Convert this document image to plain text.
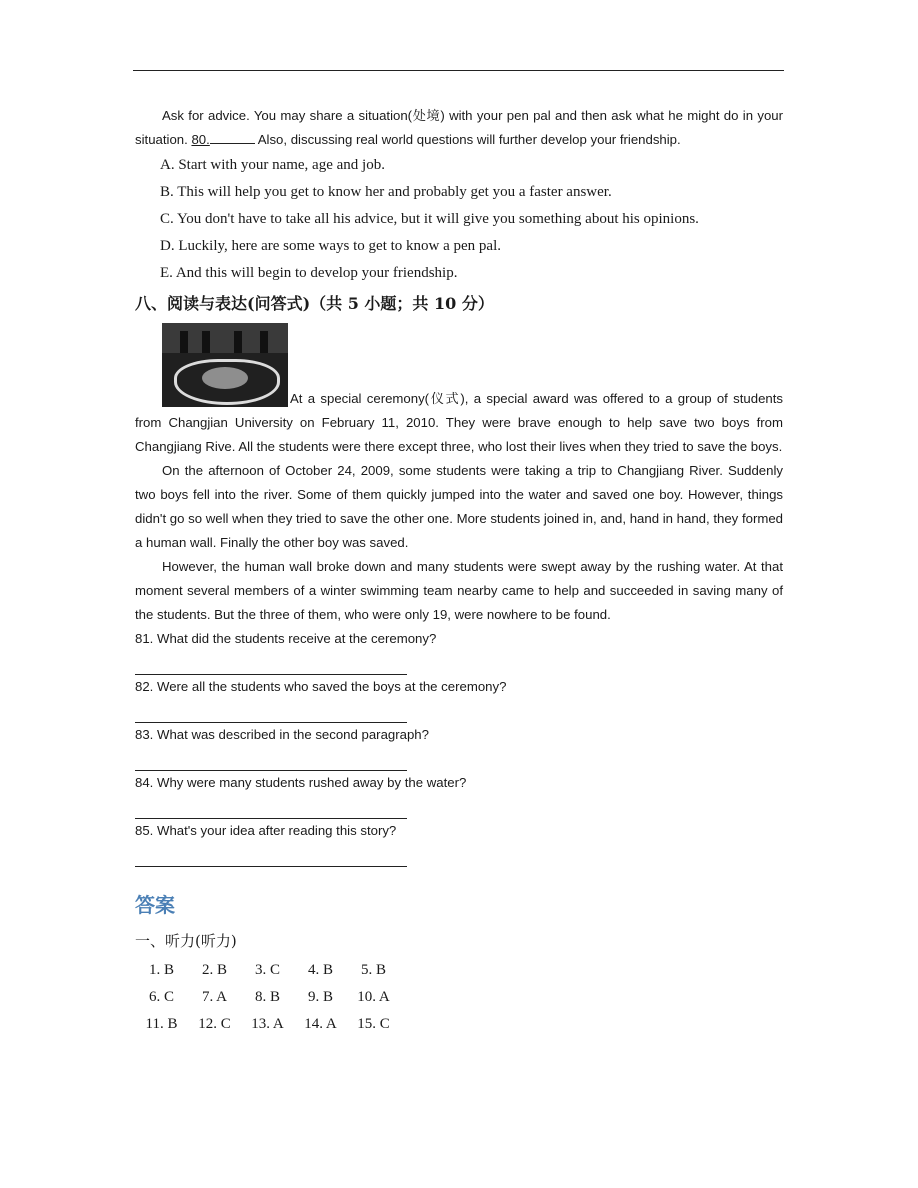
Ask for advice. You may share a situation(处境) with your pen pal and then ask what he might do in your situation. 80.	Also, discussing real world questions will further develop your friendship.

A. Start with your name, age and job.

B. This will help you get to know her and probably get you a faster answer.

C. You don't have to take all his advice, but it will give you something about his opinions.

D. Luckily, here are some ways to get to know a pen pal.

E. And this will begin to develop your friendship.

八、阅读与表达(问答式)（共 5 小题；共 10 分）

At a special ceremony(仪式), a special award was offered to a group of students from Changjian University on February 11, 2010. They were brave enough to help save two boys from Changjiang Rive. All the students were there except three, who lost their lives when they tried to save the boys.

On the afternoon of October 24, 2009, some students were taking a trip to Changjiang River. Suddenly two boys fell into the river. Some of them quickly jumped into the water and saved one boy. However, things didn't go so well when they tried to save the other one. More students joined in, and, hand in hand, they formed a human wall. Finally the other boy was saved.

However, the human wall broke down and many students were swept away by the rushing water. At that moment several members of a winter swimming team nearby came to help and succeeded in saving many of the students. But the three of them, who were only 19, were nowhere to be found.

81. What did the students receive at the ceremony?

82. Were all the students who saved the boys at the ceremony?

83. What was described in the second paragraph?

84. Why were many students rushed away by the water?

85. What's your idea after reading this story?

答案
一、听力(听力)
1. B	2. B	3. C	4. B	5. B
6. C	7. A	8. B	9. B	10. A
11. B	12. C	13. A	14. A	15. C
